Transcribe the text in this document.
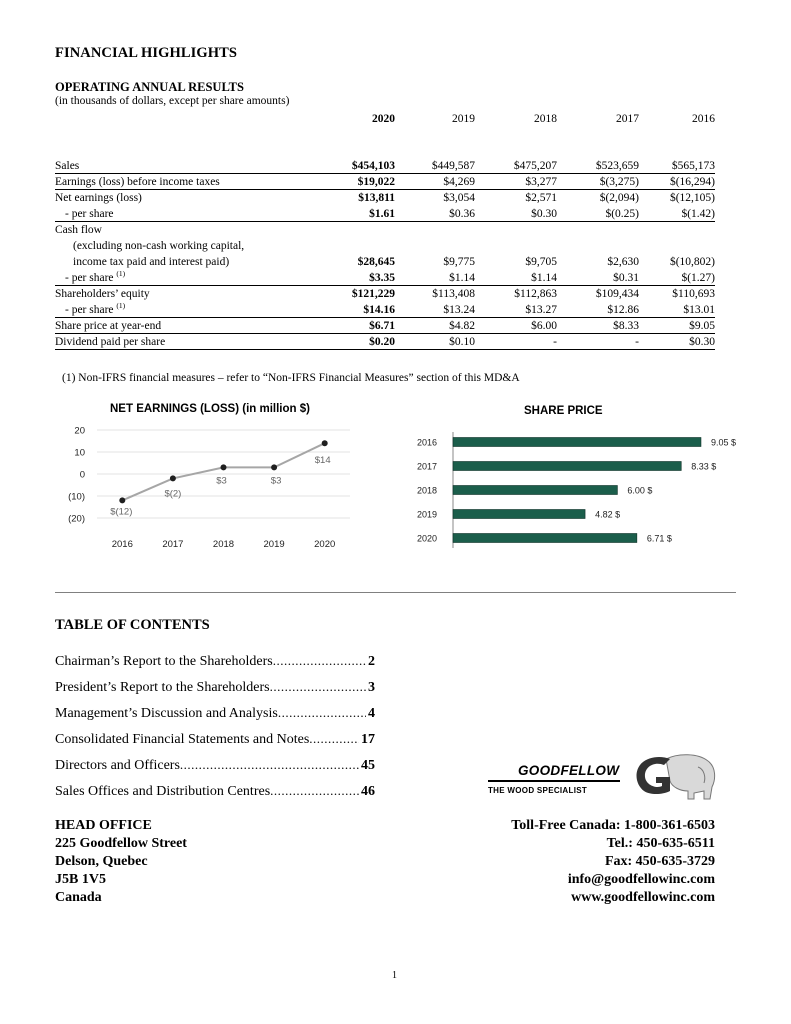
FINANCIAL HIGHLIGHTS
OPERATING ANNUAL RESULTS
(in thousands of dollars, except per share amounts)
	2020	2019	2018	2017	2016

Sales	$454,103	$449,587	$475,207	$523,659	$565,173
Earnings (loss) before income taxes	$19,022	$4,269	$3,277	$(3,275)	$(16,294)
Net earnings (loss)	$13,811	$3,054	$2,571	$(2,094)	$(12,105)
- per share	$1.61	$0.36	$0.30	$(0.25)	$(1.42)
Cash flow					
(excluding non-cash working capital,					
income tax paid and interest paid)	$28,645	$9,775	$9,705	$2,630	$(10,802)
- per share $^{(1)}$	$3.35	$1.14	$1.14	$0.31	$(1.27)
Shareholders’ equity	$121,229	$113,408	$112,863	$109,434	$110,693
- per share $^{(1)}$	$14.16	$13.24	$13.27	$12.86	$13.01
Share price at year-end	$6.71	$4.82	$6.00	$8.33	$9.05
Dividend paid per share	$0.20	$0.10	-	-	$0.30
(1) Non-IFRS financial measures – refer to “Non-IFRS Financial Measures” section of this MD&A
NET EARNINGS (LOSS) (in million $)
20
10
0
(10)
(20)
2016	2017	2018	2019	2020
$(12)
$(2)
$3	$3
$14
SHARE PRICE
2016	9.05 $
2017	8.33 $
2018	6.00 $
2019	4.82 $
2020	6.71 $
TABLE OF CONTENTS
Chairman’s Report to the Shareholders .....	2
President’s Report to the Shareholders .....	3
Management’s Discussion and Analysis .....	4
Consolidated Financial Statements and Notes .....	17
Directors and Officers .....	45
Sales Offices and Distribution Centres .....	46
GOODFELLOW
THE WOOD SPECIALIST
HEAD OFFICE
225 Goodfellow Street
Delson, Quebec
J5B 1V5
Canada
Toll-Free Canada: 1-800-361-6503
Tel.: 450-635-6511
Fax: 450-635-3729
info@goodfellowinc.com
www.goodfellowinc.com
1
